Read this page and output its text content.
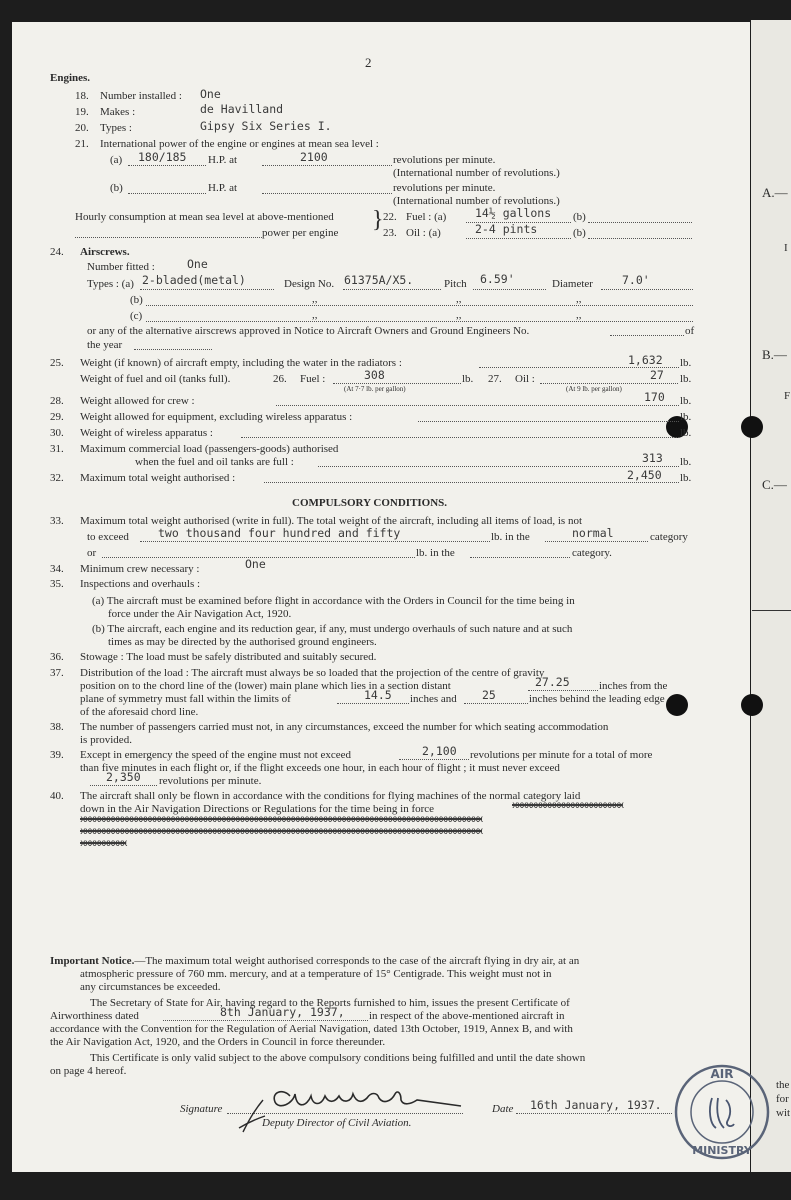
A.—
I
B.—
F
C.—
the
for
wit
2
Engines.
18. Number installed : One
19. Makes :	de Havilland
20. Types :	Gipsy Six Series I.
21. International power of the engine or engines at mean sea level :
(a) 180/185 H.P. at	2100	revolutions per minute.
(International number of revolutions.)
(b)	H.P. at	revolutions per minute.
(International number of revolutions.)
Hourly consumption at mean sea level at above-mentioned }
power per engine
22. Fuel : (a) 14½ gallons (b)
23. Oil : (a)	2-4 pints	(b)
24. Airscrews.
Number fitted :	One
Types : (a) 2-bladed(metal)	Design No. 61375A/X5.	Pitch 6.59'	Diameter	7.0'
(b)	,,	,,	,,
(c)	,,	,,	,,
or any of the alternative airscrews approved in Notice to Aircraft Owners and Ground Engineers No.	of
the year
25. Weight (if known) of aircraft empty, including the water in the radiators :	1,632 lb.
Weight of fuel and oil (tanks full).	26. Fuel :	308
(At 7·7 lb. per gallon)
lb. 27. Oil :	27
(At 9 lb. per gallon)
lb.
28. Weight allowed for crew :	170 lb.
29. Weight allowed for equipment, excluding wireless apparatus :	lb.
30. Weight of wireless apparatus :	lb.
31. Maximum commercial load (passengers-goods) authorised
when the fuel and oil tanks are full :	313 lb.
32. Maximum total weight authorised :	2,450 lb.
COMPULSORY CONDITIONS.
33. Maximum total weight authorised (write in full). The total weight of the aircraft, including all items of load, is not
to exceed	two thousand four hundred and fifty	lb. in the	normal	category
or	lb. in the	category.
34. Minimum crew necessary :	One
35. Inspections and overhauls :
(a) The aircraft must be examined before flight in accordance with the Orders in Council for the time being in
force under the Air Navigation Act, 1920.
(b) The aircraft, each engine and its reduction gear, if any, must undergo overhauls of such nature and at such
times as may be directed by the authorised ground engineers.
36. Stowage : The load must be safely distributed and suitably secured.
37. Distribution of the load : The aircraft must always be so loaded that the projection of the centre of gravity
position on to the chord line of the (lower) main plane which lies in a section distant	27.25	inches from the
plane of symmetry must fall within the limits of	14.5 inches and 25	inches behind the leading edge
of the aforesaid chord line.
38. The number of passengers carried must not, in any circumstances, exceed the number for which seating accommodation
is provided.
39. Except in emergency the speed of the engine must not exceed	2,100 revolutions per minute for a total of more
than five minutes in each flight or, if the flight exceeds one hour, in each hour of flight ; it must never exceed
2,350 revolutions per minute.
40. The aircraft shall only be flown in accordance with the conditions for flying machines of the normal category laid
down in the Air Navigation Directions or Regulations for the time being in force	xxxxxxxxxxxxxxxxxxxxxxxx
xxxxxxxxxxxxxxxxxxxxxxxxxxxxxxxxxxxxxxxxxxxxxxxxxxxxxxxxxxxxxxxxxxxxxxxxxxxxxxxxxxxxxxx
xxxxxxxxxxxxxxxxxxxxxxxxxxxxxxxxxxxxxxxxxxxxxxxxxxxxxxxxxxxxxxxxxxxxxxxxxxxxxxxxxxxxxxx
xxxxxxxxxx
Important Notice.—The maximum total weight authorised corresponds to the case of the aircraft flying in dry air, at an
atmospheric pressure of 760 mm. mercury, and at a temperature of 15° Centigrade. This weight must not in
any circumstances be exceeded.
The Secretary of State for Air, having regard to the Reports furnished to him, issues the present Certificate of
Airworthiness dated	8th January, 1937, in respect of the above-mentioned aircraft in
accordance with the Convention for the Regulation of Aerial Navigation, dated 13th October, 1919, Annex B, and with
the Air Navigation Act, 1920, and the Orders in Council in force thereunder.
This Certificate is only valid subject to the above compulsory conditions being fulfilled and until the date shown
on page 4 hereof.
Signature
Deputy Director of Civil Aviation.
Date 16th January, 1937.
AIR
MINISTRY
